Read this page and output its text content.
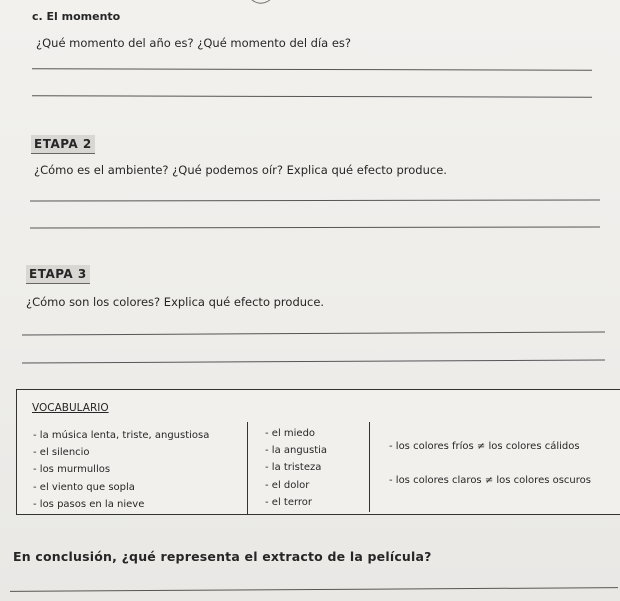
c. El momento
¿Qué momento del año es? ¿Qué momento del día es?
ETAPA 2
¿Cómo es el ambiente? ¿Qué podemos oír? Explica qué efecto produce.
ETAPA 3
¿Cómo son los colores? Explica qué efecto produce.
VOCABULARIO
- la música lenta, triste, angustiosa
- el silencio
- los murmullos
- el viento que sopla
- los pasos en la nieve
- el miedo
- la angustia
- la tristeza
- el dolor
- el terror
- los colores fríos ≠ los colores cálidos
- los colores claros ≠ los colores oscuros
En conclusión, ¿qué representa el extracto de la película?
